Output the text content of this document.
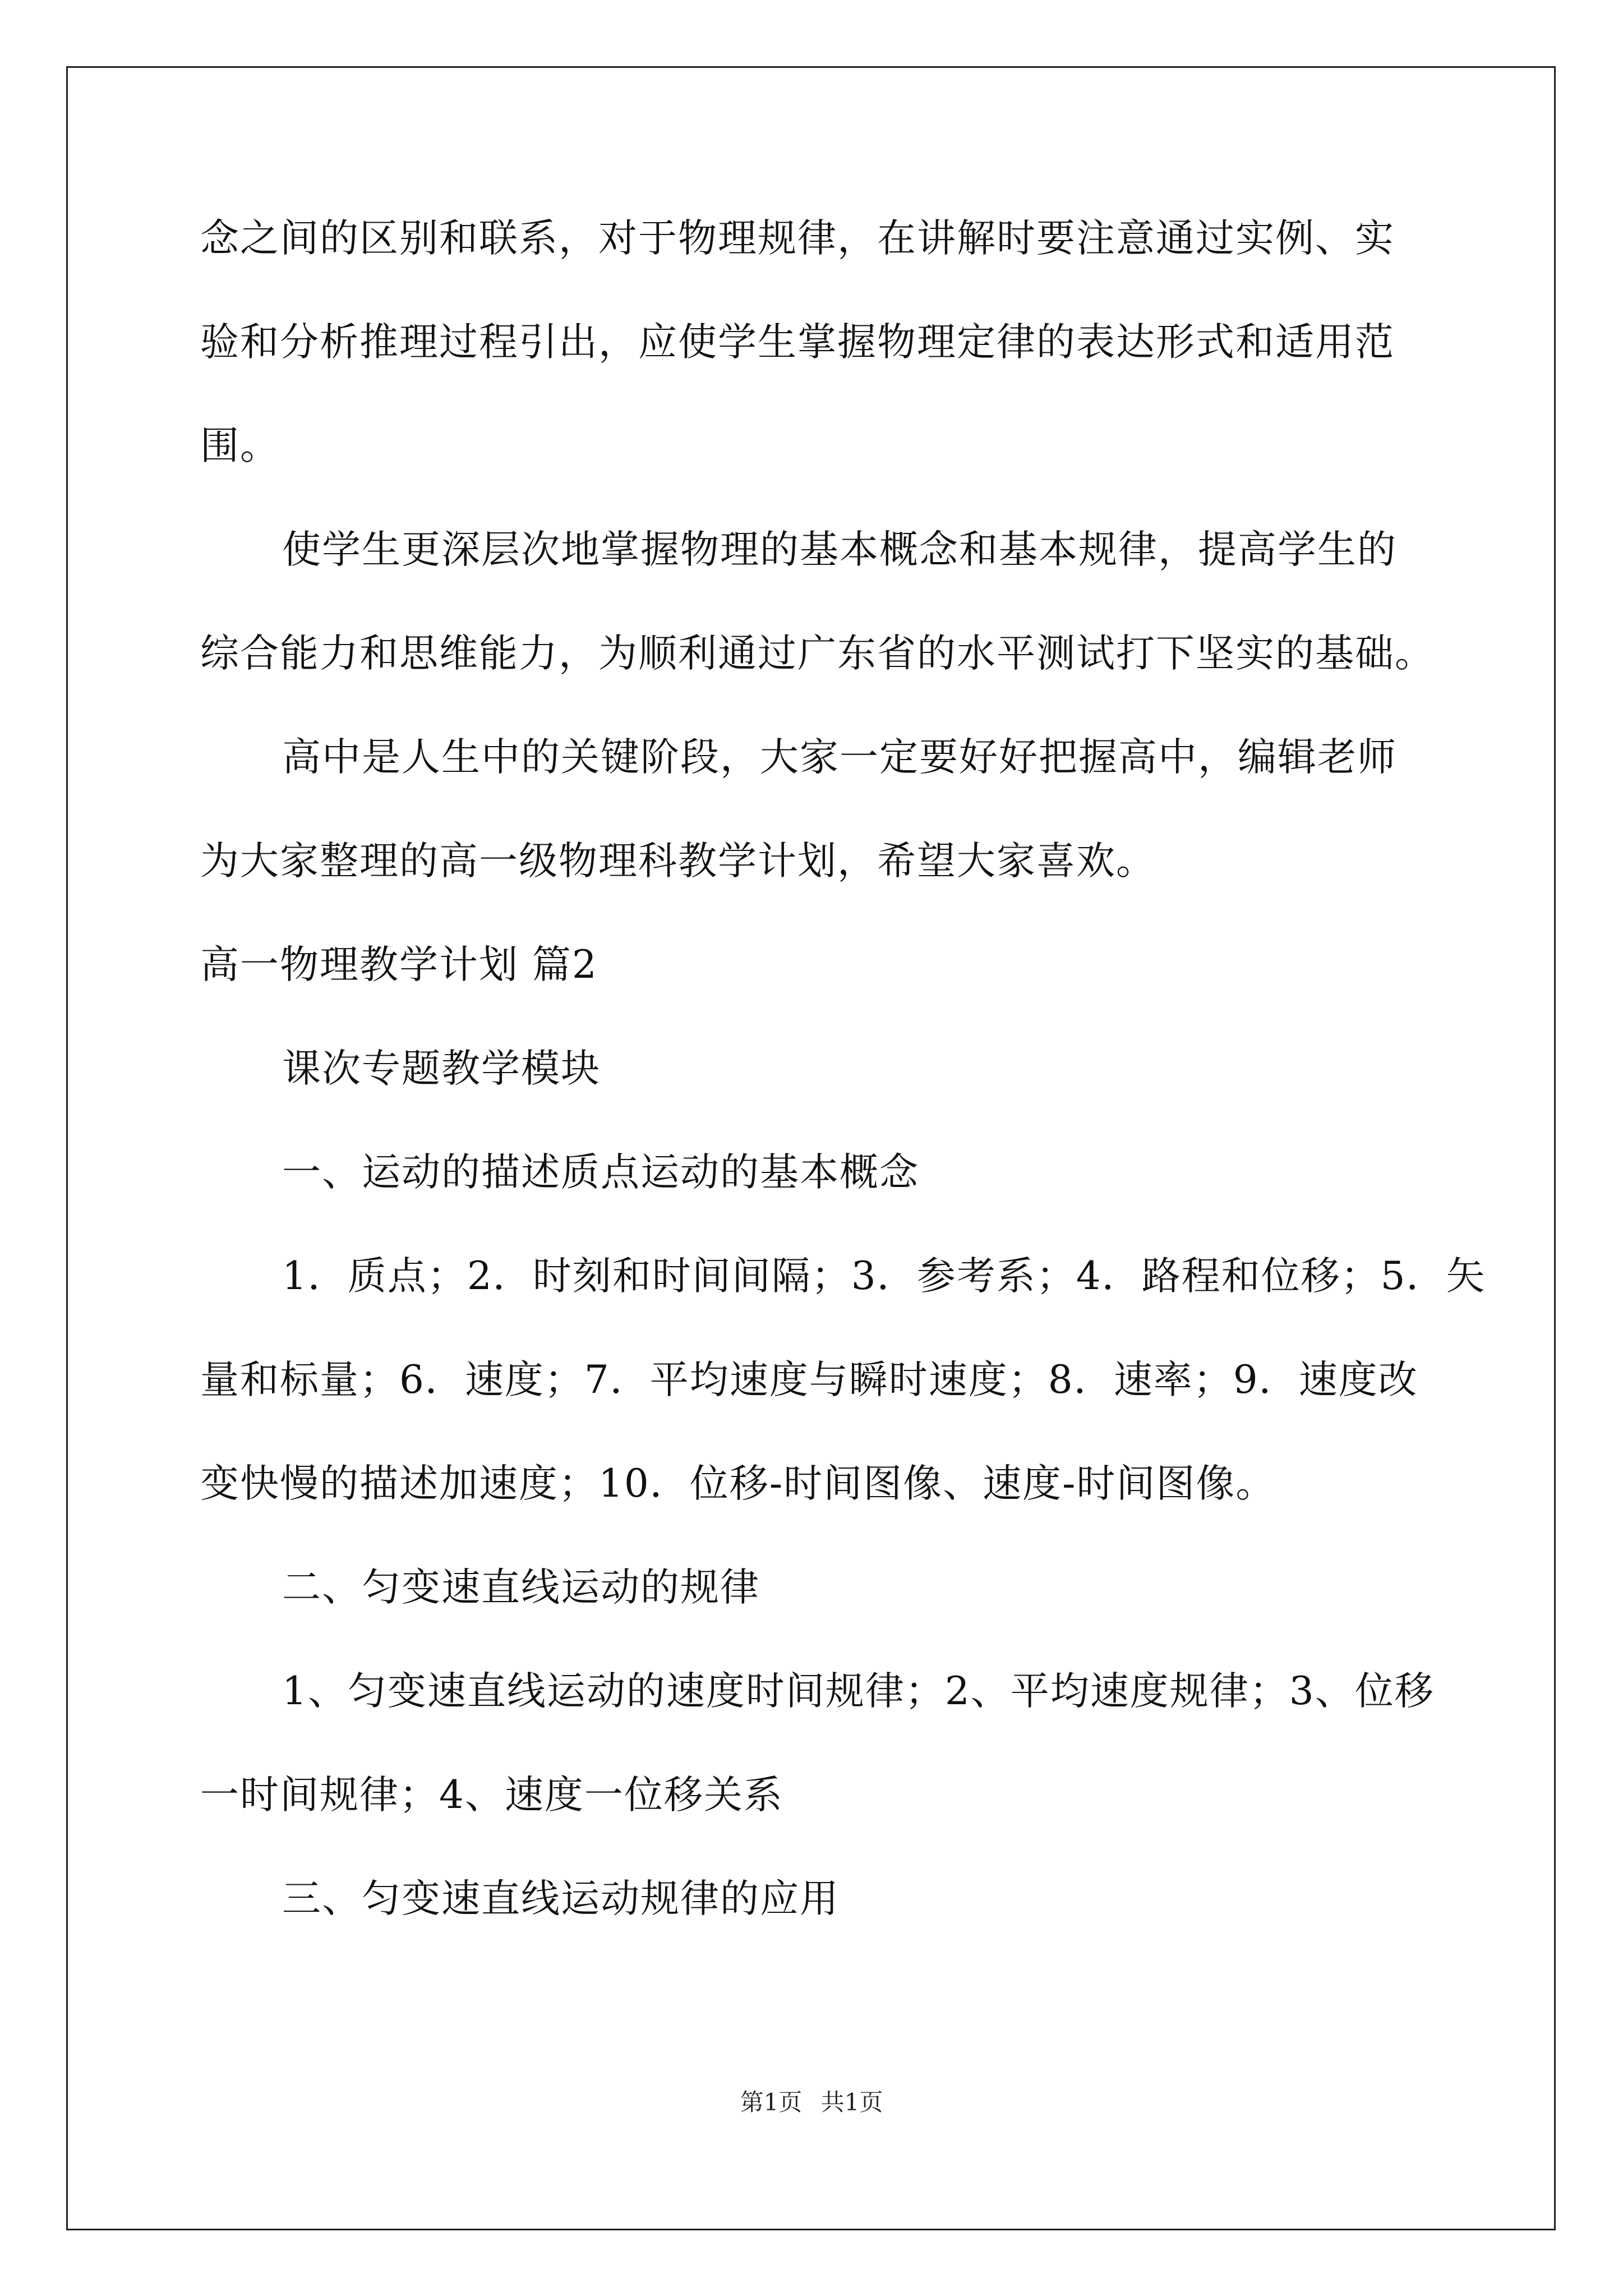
念之间的区别和联系，对于物理规律，在讲解时要注意通过实例、实
验和分析推理过程引出，应使学生掌握物理定律的表达形式和适用范
围。
使学生更深层次地掌握物理的基本概念和基本规律，提高学生的
综合能力和思维能力，为顺利通过广东省的水平测试打下坚实的基础。
高中是人生中的关键阶段，大家一定要好好把握高中，编辑老师
为大家整理的高一级物理科教学计划，希望大家喜欢。
高一物理教学计划 篇2
课次专题教学模块
一、运动的描述质点运动的基本概念
1．质点；2．时刻和时间间隔；3．参考系；4．路程和位移；5．矢
量和标量；6．速度；7．平均速度与瞬时速度；8．速率；9．速度改
变快慢的描述加速度；10．位移-时间图像、速度-时间图像。
二、匀变速直线运动的规律
1、匀变速直线运动的速度时间规律；2、平均速度规律；3、位移
一时间规律；4、速度一位移关系
三、匀变速直线运动规律的应用
第1页 共1页
